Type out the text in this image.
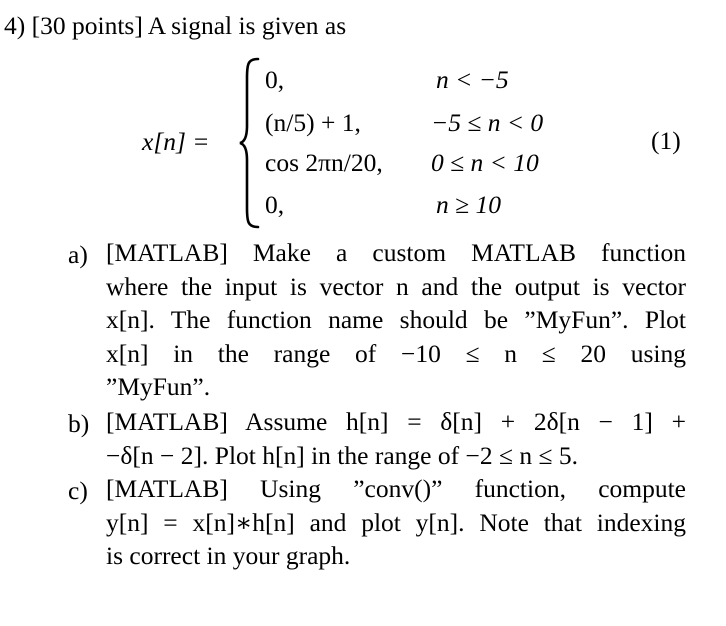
4) [30 points] A signal is given as
x[n] =
0,	n < −5
(n/5) + 1,	−5 ≤ n < 0
cos 2πn/20, 0 ≤ n < 10
0,	n ≥ 10
(1)
a) [MATLAB] Make a custom MATLAB function
where the input is vector n and the output is vector
x[n]. The function name should be ”MyFun”. Plot
x[n] in the range of −10 ≤ n ≤ 20 using
”MyFun”.
b) [MATLAB] Assume h[n] = δ[n] + 2δ[n − 1] +
−δ[n − 2]. Plot h[n] in the range of −2 ≤ n ≤ 5.
c) [MATLAB] Using ”conv()” function, compute
y[n] = x[n]∗h[n] and plot y[n]. Note that indexing
is correct in your graph.
